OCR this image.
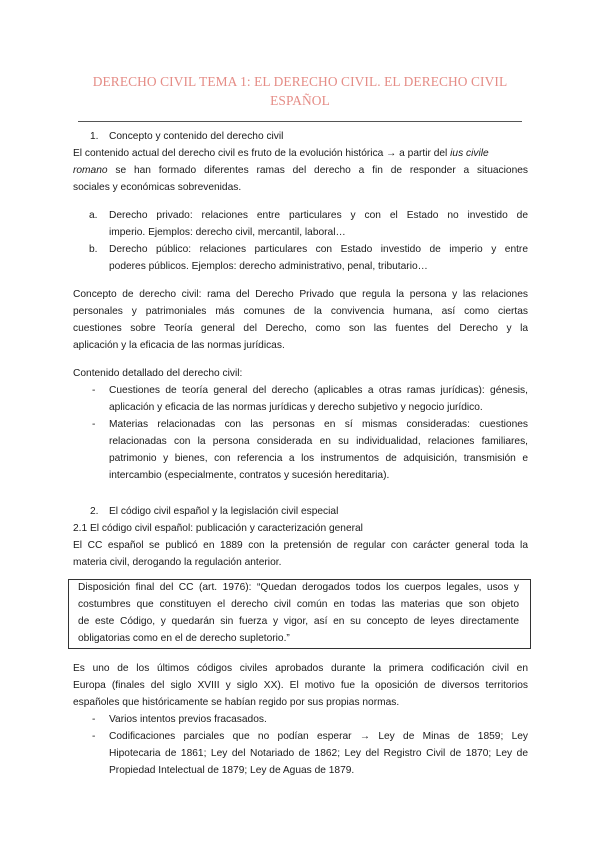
DERECHO CIVIL TEMA 1: EL DERECHO CIVIL. EL DERECHO CIVIL
ESPAÑOL
1. Concepto y contenido del derecho civil
El contenido actual del derecho civil es fruto de la evolución histórica → a partir del ius civile
romano se han formado diferentes ramas del derecho a fin de responder a situaciones
sociales y económicas sobrevenidas.
a. Derecho privado: relaciones entre particulares y con el Estado no investido de
imperio. Ejemplos: derecho civil, mercantil, laboral…
b. Derecho público: relaciones particulares con Estado investido de imperio y entre
poderes públicos. Ejemplos: derecho administrativo, penal, tributario…
Concepto de derecho civil: rama del Derecho Privado que regula la persona y las relaciones
personales y patrimoniales más comunes de la convivencia humana, así como ciertas
cuestiones sobre Teoría general del Derecho, como son las fuentes del Derecho y la
aplicación y la eficacia de las normas jurídicas.
Contenido detallado del derecho civil:
- Cuestiones de teoría general del derecho (aplicables a otras ramas jurídicas): génesis,
aplicación y eficacia de las normas jurídicas y derecho subjetivo y negocio jurídico.
- Materias relacionadas con las personas en sí mismas consideradas: cuestiones
relacionadas con la persona considerada en su individualidad, relaciones familiares,
patrimonio y bienes, con referencia a los instrumentos de adquisición, transmisión e
intercambio (especialmente, contratos y sucesión hereditaria).
2. El código civil español y la legislación civil especial
2.1 El código civil español: publicación y caracterización general
El CC español se publicó en 1889 con la pretensión de regular con carácter general toda la
materia civil, derogando la regulación anterior.
Disposición final del CC (art. 1976): “Quedan derogados todos los cuerpos legales, usos y
costumbres que constituyen el derecho civil común en todas las materias que son objeto
de este Código, y quedarán sin fuerza y vigor, así en su concepto de leyes directamente
obligatorias como en el de derecho supletorio.”
Es uno de los últimos códigos civiles aprobados durante la primera codificación civil en
Europa (finales del siglo XVIII y siglo XX). El motivo fue la oposición de diversos territorios
españoles que históricamente se habían regido por sus propias normas.
- Varios intentos previos fracasados.
- Codificaciones parciales que no podían esperar → Ley de Minas de 1859; Ley
Hipotecaria de 1861; Ley del Notariado de 1862; Ley del Registro Civil de 1870; Ley de
Propiedad Intelectual de 1879; Ley de Aguas de 1879.
